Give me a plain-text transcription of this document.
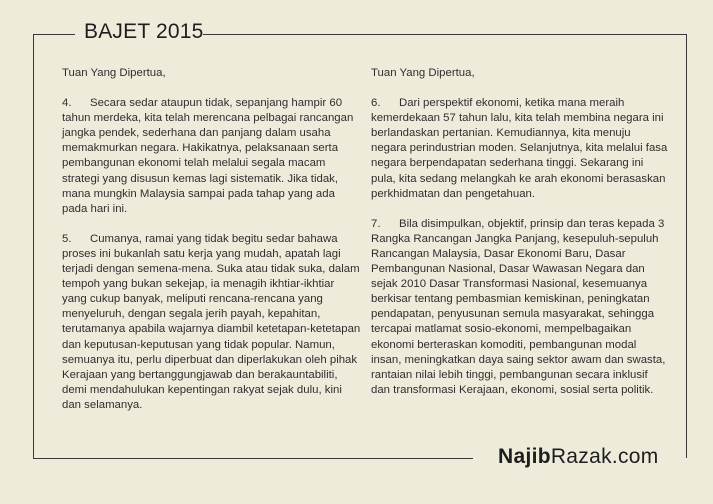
BAJET 2015

Tuan Yang Dipertua,

4. Secara sedar ataupun tidak, sepanjang hampir 60 tahun merdeka, kita telah merencana pelbagai rancangan jangka pendek, sederhana dan panjang dalam usaha memakmurkan negara. Hakikatnya, pelaksanaan serta pembangunan ekonomi telah melalui segala macam strategi yang disusun kemas lagi sistematik. Jika tidak, mana mungkin Malaysia sampai pada tahap yang ada pada hari ini.

5. Cumanya, ramai yang tidak begitu sedar bahawa proses ini bukanlah satu kerja yang mudah, apatah lagi terjadi dengan semena-mena. Suka atau tidak suka, dalam tempoh yang bukan sekejap, ia menagih ikhtiar-ikhtiar yang cukup banyak, meliputi rencana-rencana yang menyeluruh, dengan segala jerih payah, kepahitan, terutamanya apabila wajarnya diambil ketetapan-ketetapan dan keputusan-keputusan yang tidak popular. Namun, semuanya itu, perlu diperbuat dan diperlakukan oleh pihak Kerajaan yang bertanggungjawab dan berakauntabiliti, demi mendahulukan kepentingan rakyat sejak dulu, kini dan selamanya.

Tuan Yang Dipertua,

6. Dari perspektif ekonomi, ketika mana meraih kemerdekaan 57 tahun lalu, kita telah membina negara ini berlandaskan pertanian. Kemudiannya, kita menuju negara perindustrian moden. Selanjutnya, kita melalui fasa negara berpendapatan sederhana tinggi. Sekarang ini pula, kita sedang melangkah ke arah ekonomi berasaskan perkhidmatan dan pengetahuan.

7. Bila disimpulkan, objektif, prinsip dan teras kepada 3 Rangka Rancangan Jangka Panjang, kesepuluh-sepuluh Rancangan Malaysia, Dasar Ekonomi Baru, Dasar Pembangunan Nasional, Dasar Wawasan Negara dan sejak 2010 Dasar Transformasi Nasional, kesemuanya berkisar tentang pembasmian kemiskinan, peningkatan pendapatan, penyusunan semula masyarakat, sehingga tercapai matlamat sosio-ekonomi, mempelbagaikan ekonomi berteraskan komoditi, pembangunan modal insan, meningkatkan daya saing sektor awam dan swasta, rantaian nilai lebih tinggi, pembangunan secara inklusif dan transformasi Kerajaan, ekonomi, sosial serta politik.

NajibRazak.com
